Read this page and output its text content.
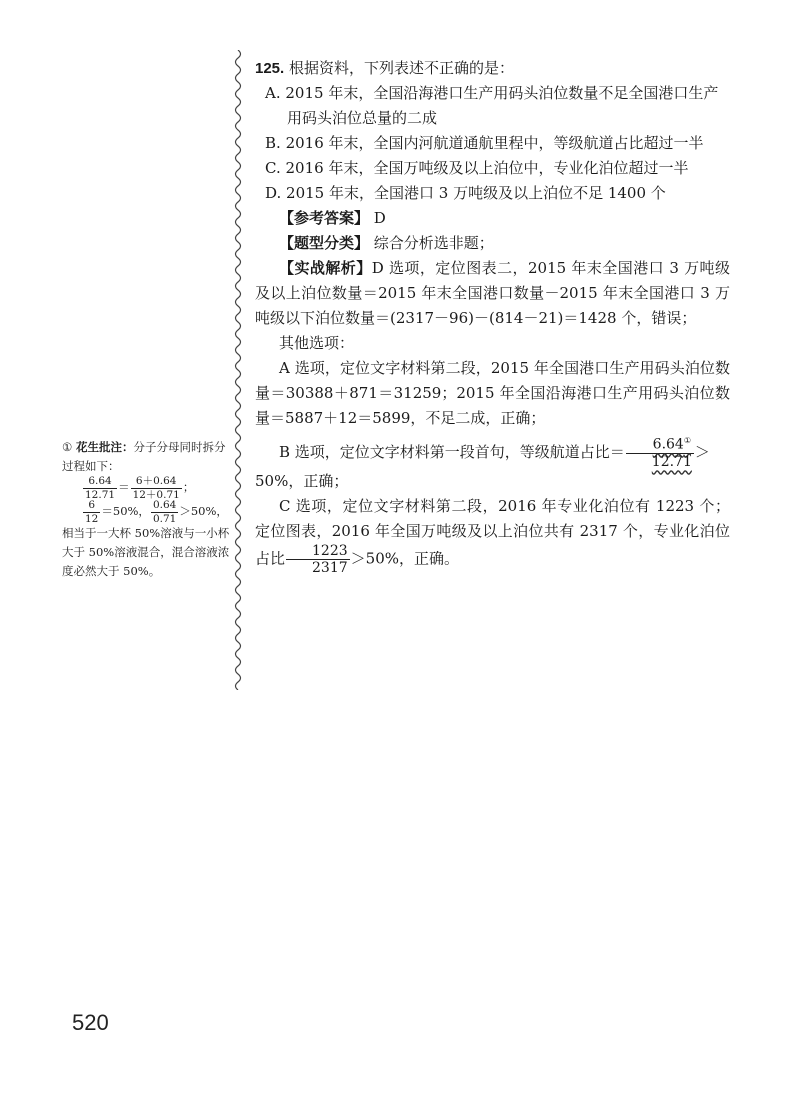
① 花生批注：分子分母同时拆分过程如下：
$\frac{6.64}{12.71} = \frac{6+0.64}{12+0.71}$ ；
$\frac{6}{12} =50\%$， $\frac{0.64}{0.71} >50\%$，
相当于一大杯 50%溶液与一小杯大于 50%溶液混合，混合溶液浓度必然大于 50%。
125. 根据资料，下列表述不正确的是：
A. 2015 年末，全国沿海港口生产用码头泊位数量不足全国港口生产用码头泊位总量的二成
B. 2016 年末，全国内河航道通航里程中，等级航道占比超过一半
C. 2016 年末，全国万吨级及以上泊位中，专业化泊位超过一半
D. 2015 年末，全国港口 3 万吨级及以上泊位不足 1400 个
【参考答案】 D
【题型分类】 综合分析选非题；
【实战解析】D 选项，定位图表二，2015 年末全国港口 3 万吨级及以上泊位数量＝2015 年末全国港口数量－2015 年末全国港口 3 万吨级以下泊位数量＝(2317－96)－(814－21)＝1428 个，错误；
其他选项：
A 选项，定位文字材料第二段，2015 年全国港口生产用码头泊位数量＝30388＋871＝31259；2015 年全国沿海港口生产用码头泊位数量＝5887＋12＝5899，不足二成，正确；
B 选项，定位文字材料第一段首句，等级航道占比＝ $\frac{6.64^①}{12.71}$ ＞
50%，正确；
C 选项，定位文字材料第二段，2016 年专业化泊位有 1223 个；定位图表，2016 年全国万吨级及以上泊位共有 2317 个，专业化泊位占比 $\frac{1223}{2317} >50\%$，正确。
520
